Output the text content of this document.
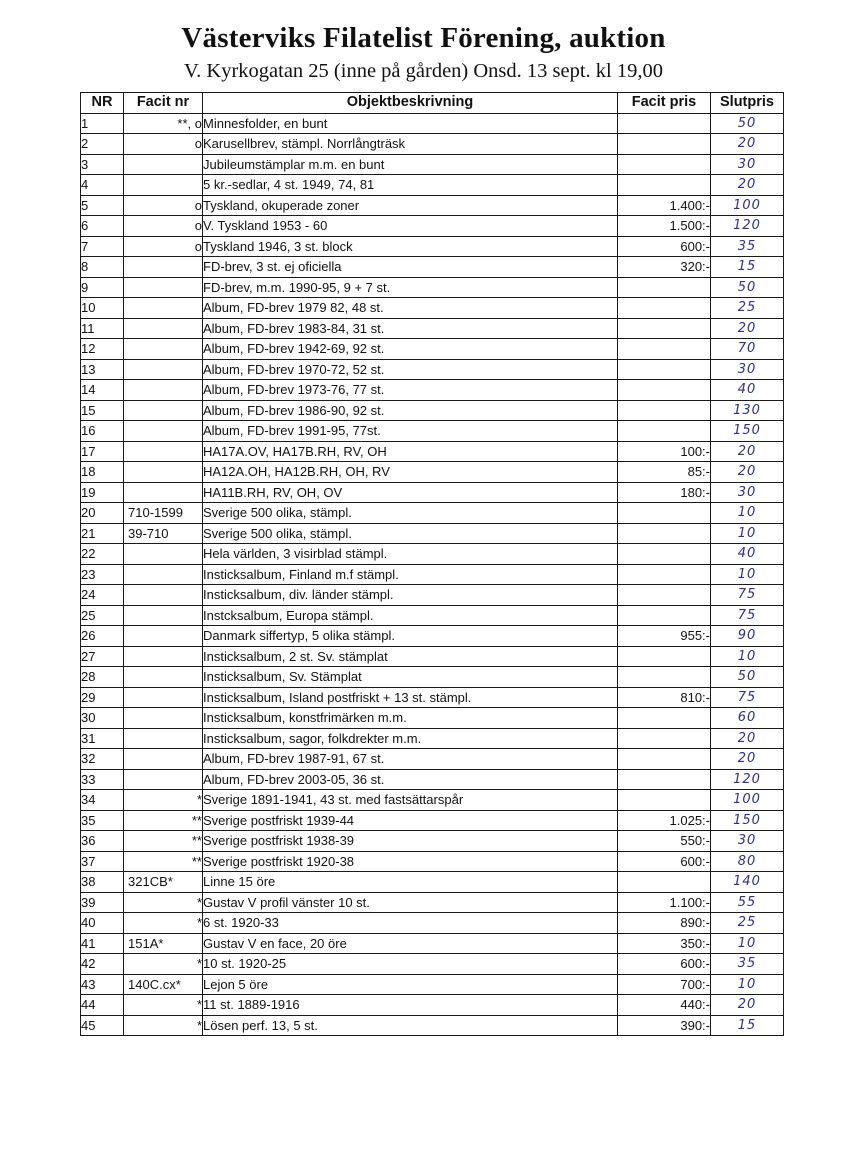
Västerviks Filatelist Förening, auktion
V. Kyrkogatan 25 (inne på gården) Onsd. 13 sept. kl 19,00
NR	Facit nr	Objektbeskrivning	Facit pris	Slutpris
1	**, o	Minnesfolder, en bunt		50
2	o	Karusellbrev, stämpl. Norrlångträsk		20
3		Jubileumstämplar m.m. en bunt		30
4		5 kr.-sedlar, 4 st. 1949, 74, 81		20
5	o	Tyskland, okuperade zoner	1.400:-	100
6	o	V. Tyskland 1953 - 60	1.500:-	120
7	o	Tyskland 1946, 3 st. block	600:-	35
8		FD-brev, 3 st. ej oficiella	320:-	15
9		FD-brev, m.m. 1990-95, 9 + 7 st.		50
10		Album, FD-brev 1979 82, 48 st.		25
11		Album, FD-brev 1983-84, 31 st.		20
12		Album, FD-brev 1942-69, 92 st.		70
13		Album, FD-brev 1970-72, 52 st.		30
14		Album, FD-brev 1973-76, 77 st.		40
15		Album, FD-brev 1986-90, 92 st.		130
16		Album, FD-brev 1991-95, 77st.		150
17		HA17A.OV, HA17B.RH, RV, OH	100:-	20
18		HA12A.OH, HA12B.RH, OH, RV	85:-	20
19		HA11B.RH, RV, OH, OV	180:-	30
20	710-1599	Sverige 500 olika, stämpl.		10
21	39-710	Sverige 500 olika, stämpl.		10
22		Hela världen, 3 visirblad stämpl.		40
23		Insticksalbum, Finland m.f stämpl.		10
24		Insticksalbum, div. länder stämpl.		75
25		Instcksalbum, Europa stämpl.		75
26		Danmark siffertyp, 5 olika stämpl.	955:-	90
27		Insticksalbum, 2 st. Sv. stämplat		10
28		Insticksalbum, Sv. Stämplat		50
29		Insticksalbum, Island postfriskt + 13 st. stämpl.	810:-	75
30		Insticksalbum, konstfrimärken m.m.		60
31		Insticksalbum, sagor, folkdrekter m.m.		20
32		Album, FD-brev 1987-91, 67 st.		20
33		Album, FD-brev 2003-05, 36 st.		120
34	*	Sverige 1891-1941, 43 st. med fastsättarspår		100
35	**	Sverige postfriskt 1939-44	1.025:-	150
36	**	Sverige postfriskt 1938-39	550:-	30
37	**	Sverige postfriskt 1920-38	600:-	80
38	321CB*	Linne 15 öre		140
39	*	Gustav V profil vänster 10 st.	1.100:-	55
40	*	6 st. 1920-33	890:-	25
41	151A*	Gustav V en face, 20 öre	350:-	10
42	*	10 st. 1920-25	600:-	35
43	140C.cx*	Lejon 5 öre	700:-	10
44	*	11 st. 1889-1916	440:-	20
45	*	Lösen perf. 13, 5 st.	390:-	15
